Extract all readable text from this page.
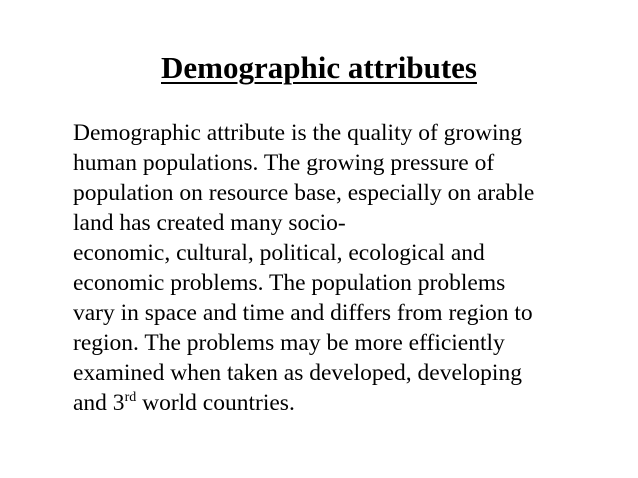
Demographic attributes
Demographic attribute is the quality of growing
human populations. The growing pressure of
population on resource base, especially on arable
land has created many socio-
economic, cultural, political, ecological and
economic problems. The population problems
vary in space and time and differs from region to
region. The problems may be more efficiently
examined when taken as developed, developing
and 3rd world countries.
